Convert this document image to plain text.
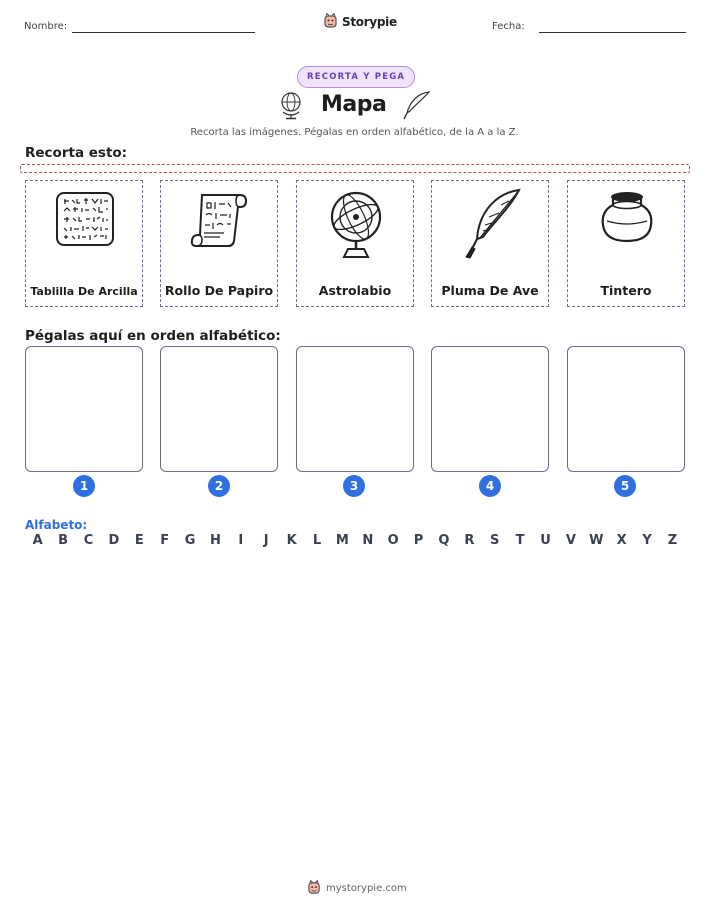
Nombre:	Storypie	Fecha:
RECORTA Y PEGA
Mapa
Recorta las imágenes. Pégalas en orden alfabético, de la A a la Z.
Recorta esto:
Tablilla De Arcilla	Rollo De Papiro	Astrolabio	Pluma De Ave	Tintero
Pégalas aquí en orden alfabético:
1	2	3	4	5
Alfabeto:
A	B	C	D	E	F	G	H	I	J	K	L	M	N	O	P	Q	R	S	T	U	V	W	X	Y	Z
mystorypie.com
